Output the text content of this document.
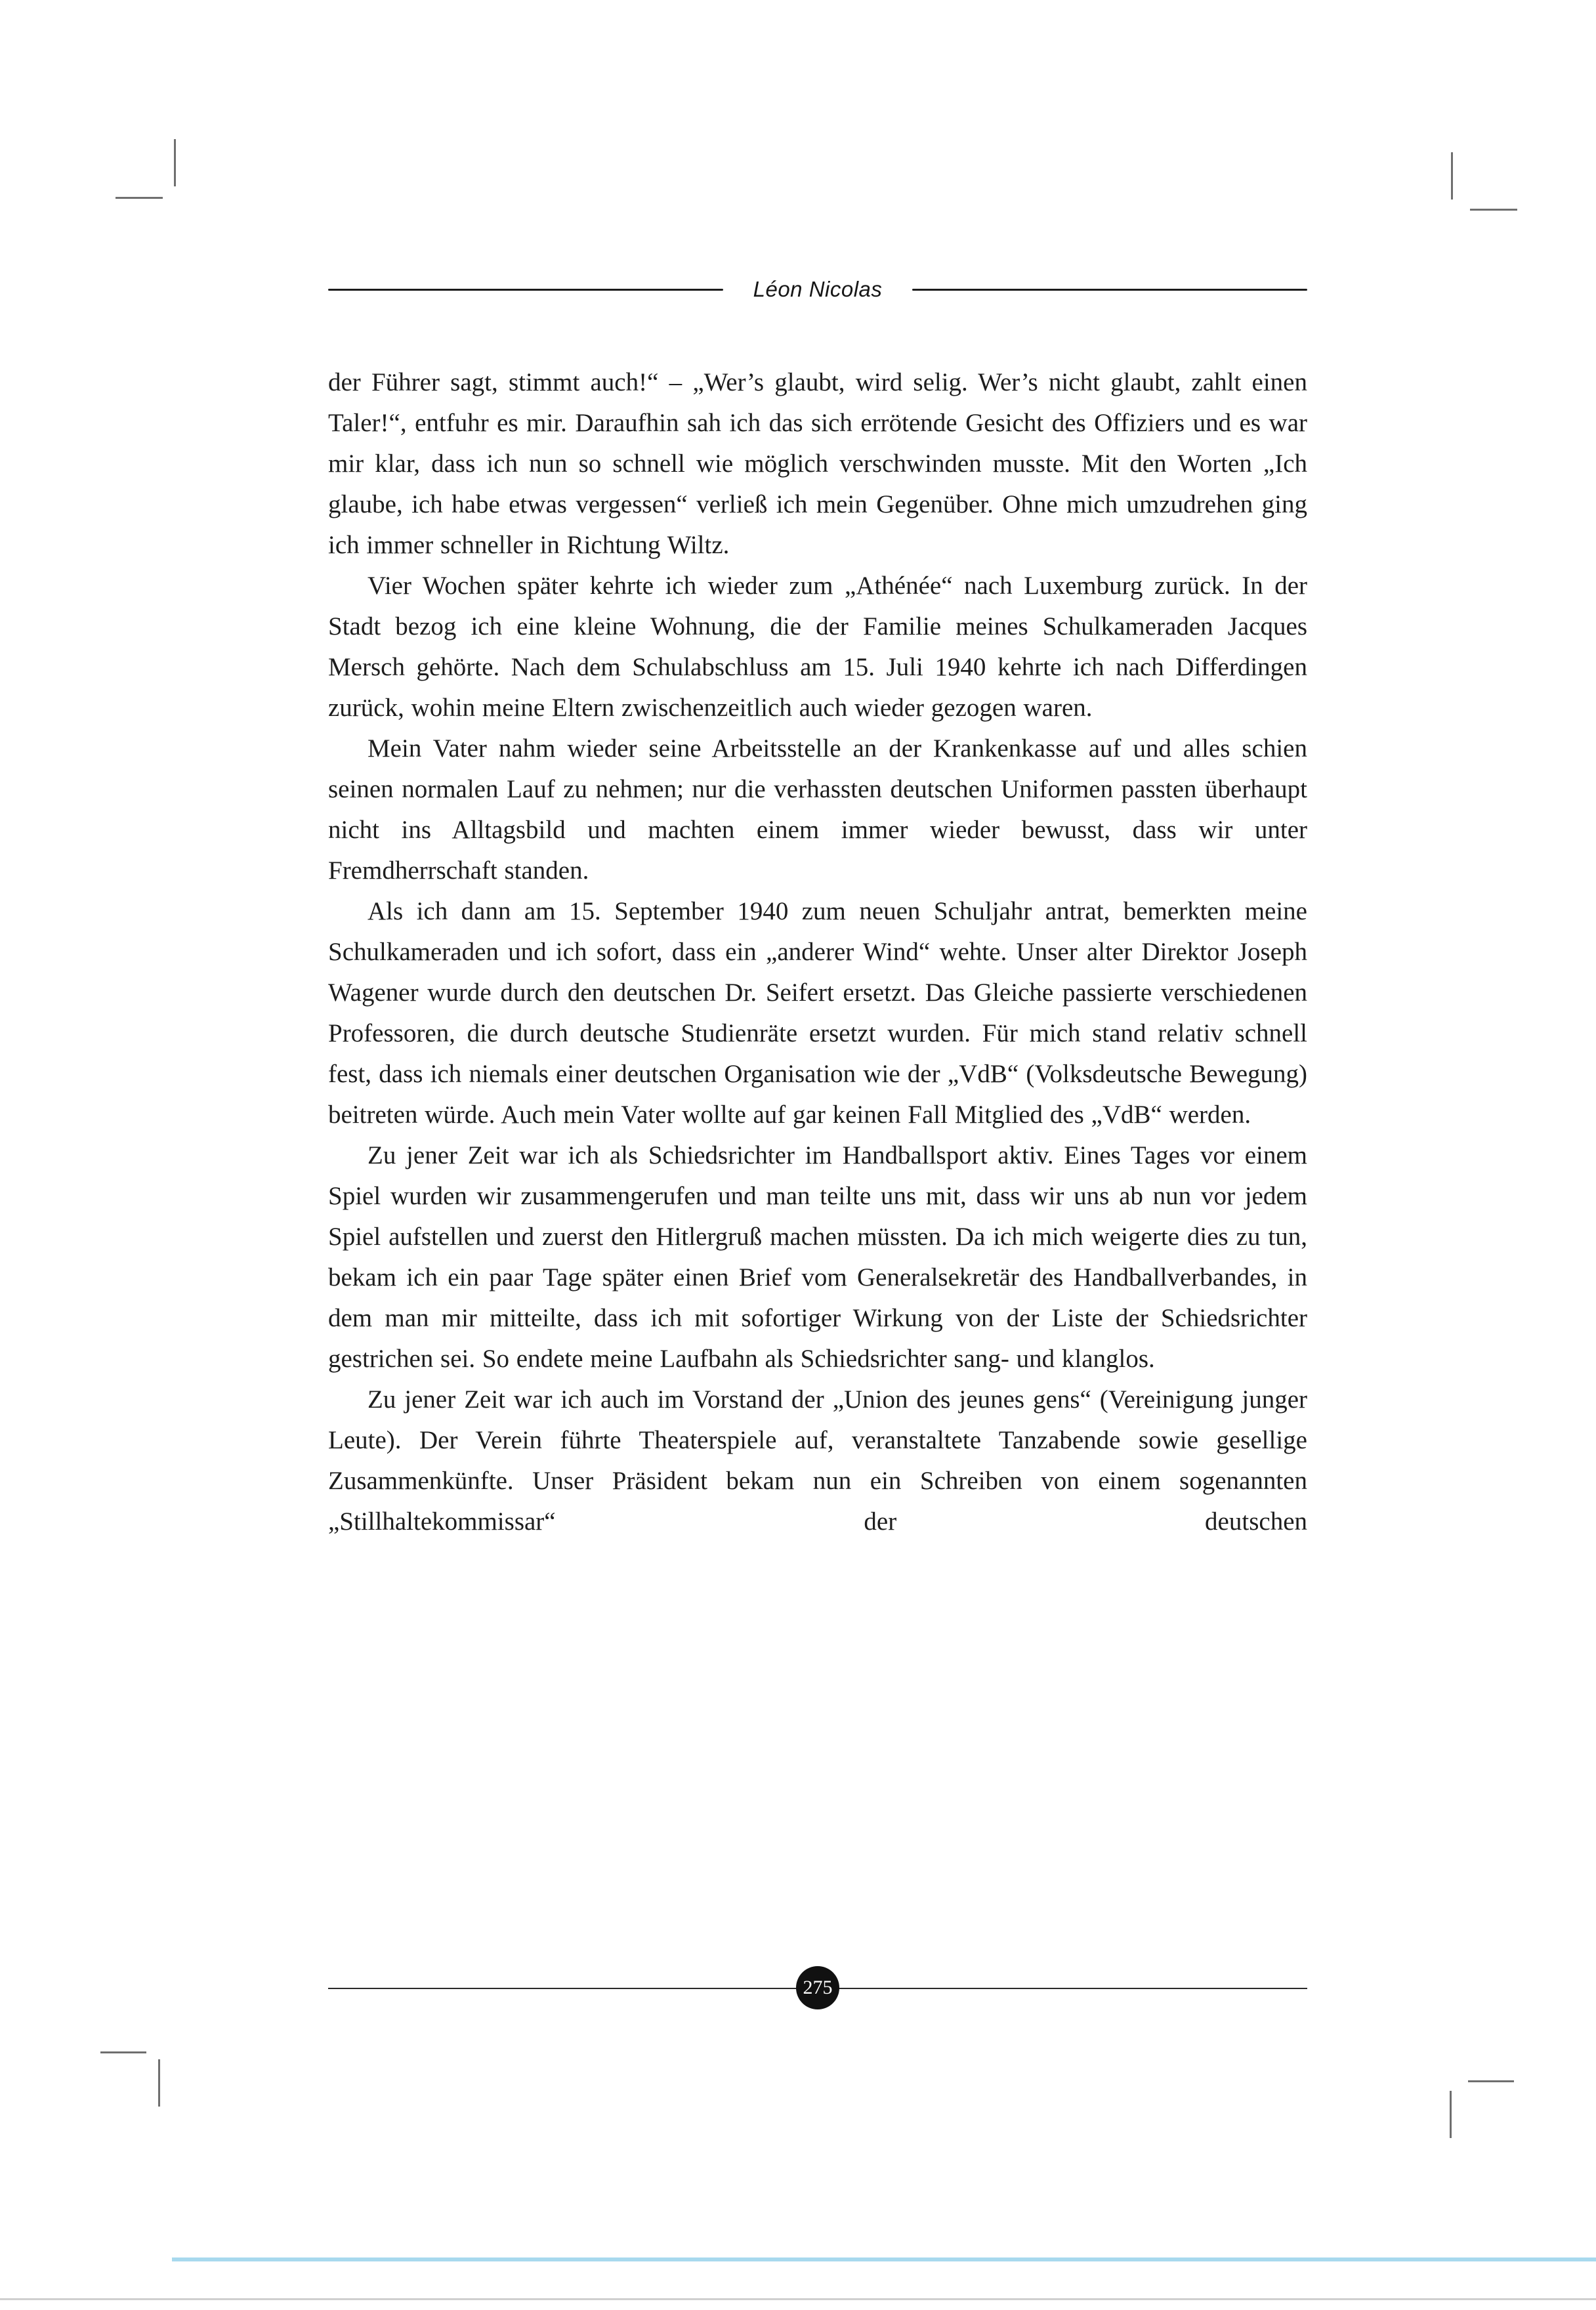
Léon Nicolas

der Führer sagt, stimmt auch!“ – „Wer’s glaubt, wird selig. Wer’s nicht glaubt, zahlt einen Taler!“, entfuhr es mir. Daraufhin sah ich das sich errötende Gesicht des Offiziers und es war mir klar, dass ich nun so schnell wie möglich verschwinden musste. Mit den Worten „Ich glaube, ich habe etwas vergessen“ verließ ich mein Gegenüber. Ohne mich umzudrehen ging ich immer schneller in Richtung Wiltz.

Vier Wochen später kehrte ich wieder zum „Athénée“ nach Luxemburg zurück. In der Stadt bezog ich eine kleine Wohnung, die der Familie meines Schulkameraden Jacques Mersch gehörte. Nach dem Schulabschluss am 15. Juli 1940 kehrte ich nach Differdingen zurück, wohin meine Eltern zwischenzeitlich auch wieder gezogen waren.

Mein Vater nahm wieder seine Arbeitsstelle an der Krankenkasse auf und alles schien seinen normalen Lauf zu nehmen; nur die verhassten deutschen Uniformen passten überhaupt nicht ins Alltagsbild und machten einem immer wieder bewusst, dass wir unter Fremdherrschaft standen.

Als ich dann am 15. September 1940 zum neuen Schuljahr antrat, bemerkten meine Schulkameraden und ich sofort, dass ein „anderer Wind“ wehte. Unser alter Direktor Joseph Wagener wurde durch den deutschen Dr. Seifert ersetzt. Das Gleiche passierte verschiedenen Professoren, die durch deutsche Studienräte ersetzt wurden. Für mich stand relativ schnell fest, dass ich niemals einer deutschen Organisation wie der „VdB“ (Volksdeutsche Bewegung) beitreten würde. Auch mein Vater wollte auf gar keinen Fall Mitglied des „VdB“ werden.

Zu jener Zeit war ich als Schiedsrichter im Handballsport aktiv. Eines Tages vor einem Spiel wurden wir zusammengerufen und man teilte uns mit, dass wir uns ab nun vor jedem Spiel aufstellen und zuerst den Hitlergruß machen müssten. Da ich mich weigerte dies zu tun, bekam ich ein paar Tage später einen Brief vom Generalsekretär des Handballverbandes, in dem man mir mitteilte, dass ich mit sofortiger Wirkung von der Liste der Schiedsrichter gestrichen sei. So endete meine Laufbahn als Schiedsrichter sang- und klanglos.

Zu jener Zeit war ich auch im Vorstand der „Union des jeunes gens“ (Vereinigung junger Leute). Der Verein führte Theaterspiele auf, veranstaltete Tanzabende sowie gesellige Zusammenkünfte. Unser Präsident bekam nun ein Schreiben von einem sogenannten „Stillhaltekommissar“ der deutschen

275
